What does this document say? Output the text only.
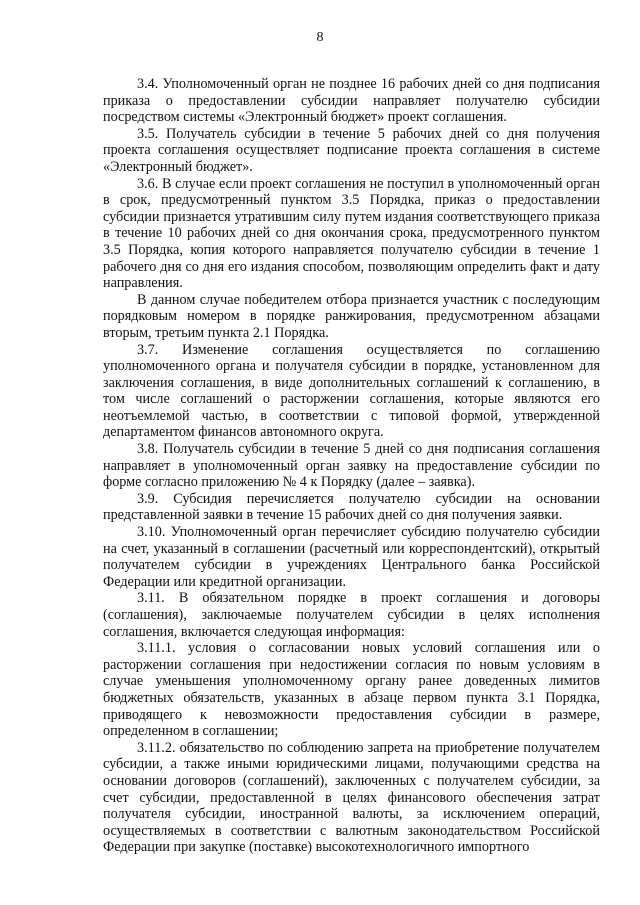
8

3.4. Уполномоченный орган не позднее 16 рабочих дней со дня подписания приказа о предоставлении субсидии направляет получателю субсидии посредством системы «Электронный бюджет» проект соглашения.

3.5. Получатель субсидии в течение 5 рабочих дней со дня получения проекта соглашения осуществляет подписание проекта соглашения в системе «Электронный бюджет».

3.6. В случае если проект соглашения не поступил в уполномоченный орган в срок, предусмотренный пунктом 3.5 Порядка, приказ о предоставлении субсидии признается утратившим силу путем издания соответствующего приказа в течение 10 рабочих дней со дня окончания срока, предусмотренного пунктом 3.5 Порядка, копия которого направляется получателю субсидии в течение 1 рабочего дня со дня его издания способом, позволяющим определить факт и дату направления.

В данном случае победителем отбора признается участник с последующим порядковым номером в порядке ранжирования, предусмотренном абзацами вторым, третьим пункта 2.1 Порядка.

3.7. Изменение соглашения осуществляется по соглашению уполномоченного органа и получателя субсидии в порядке, установленном для заключения соглашения, в виде дополнительных соглашений к соглашению, в том числе соглашений о расторжении соглашения, которые являются его неотъемлемой частью, в соответствии с типовой формой, утвержденной департаментом финансов автономного округа.

3.8. Получатель субсидии в течение 5 дней со дня подписания соглашения направляет в уполномоченный орган заявку на предоставление субсидии по форме согласно приложению № 4 к Порядку (далее – заявка).

3.9. Субсидия перечисляется получателю субсидии на основании представленной заявки в течение 15 рабочих дней со дня получения заявки.

3.10. Уполномоченный орган перечисляет субсидию получателю субсидии на счет, указанный в соглашении (расчетный или корреспондентский), открытый получателем субсидии в учреждениях Центрального банка Российской Федерации или кредитной организации.

3.11. В обязательном порядке в проект соглашения и договоры (соглашения), заключаемые получателем субсидии в целях исполнения соглашения, включается следующая информация:

3.11.1. условия о согласовании новых условий соглашения или о расторжении соглашения при недостижении согласия по новым условиям в случае уменьшения уполномоченному органу ранее доведенных лимитов бюджетных обязательств, указанных в абзаце первом пункта 3.1 Порядка, приводящего к невозможности предоставления субсидии в размере, определенном в соглашении;

3.11.2. обязательство по соблюдению запрета на приобретение получателем субсидии, а также иными юридическими лицами, получающими средства на основании договоров (соглашений), заключенных с получателем субсидии, за счет субсидии, предоставленной в целях финансового обеспечения затрат получателя субсидии, иностранной валюты, за исключением операций, осуществляемых в соответствии с валютным законодательством Российской Федерации при закупке (поставке) высокотехнологичного импортного
